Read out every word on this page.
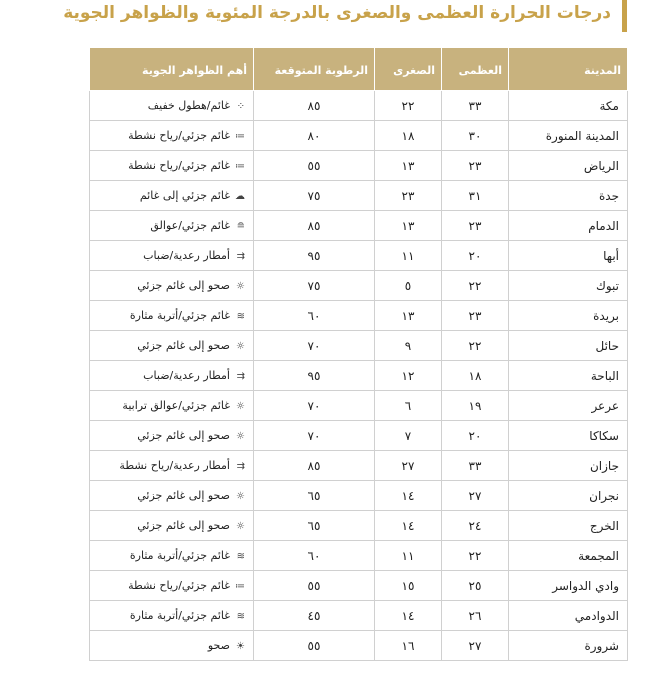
درجات الحرارة العظمى والصغرى بالدرجة المئوية والظواهر الجوية
المدينة	العظمى	الصغرى	الرطوبة المتوقعة	أهم الظواهر الجوية
مكة	٣٣	٢٢	٨٥	⁘غائم/هطول خفيف
المدينة المنورة	٣٠	١٨	٨٠	≕غائم جزئي/رياح نشطة
الرياض	٢٣	١٣	٥٥	≕غائم جزئي/رياح نشطة
جدة	٣١	٢٣	٧٥	☁غائم جزئي إلى غائم
الدمام	٢٣	١٣	٨٥	≘غائم جزئي/عوالق
أبها	٢٠	١١	٩٥	⇉أمطار رعدية/ضباب
تبوك	٢٢	٥	٧٥	☼صحو إلى غائم جزئي
بريدة	٢٣	١٣	٦٠	≋غائم جزئي/أتربة مثارة
حائل	٢٢	٩	٧٠	☼صحو إلى غائم جزئي
الباحة	١٨	١٢	٩٥	⇉أمطار رعدية/ضباب
عرعر	١٩	٦	٧٠	☼غائم جزئي/عوالق ترابية
سكاكا	٢٠	٧	٧٠	☼صحو إلى غائم جزئي
جازان	٣٣	٢٧	٨٥	⇉أمطار رعدية/رياح نشطة
نجران	٢٧	١٤	٦٥	☼صحو إلى غائم جزئي
الخرج	٢٤	١٤	٦٥	☼صحو إلى غائم جزئي
المجمعة	٢٢	١١	٦٠	≋غائم جزئي/أتربة مثارة
وادي الدواسر	٢٥	١٥	٥٥	≕غائم جزئي/رياح نشطة
الدوادمي	٢٦	١٤	٤٥	≋غائم جزئي/أتربة مثارة
شرورة	٢٧	١٦	٥٥	☀صحو
